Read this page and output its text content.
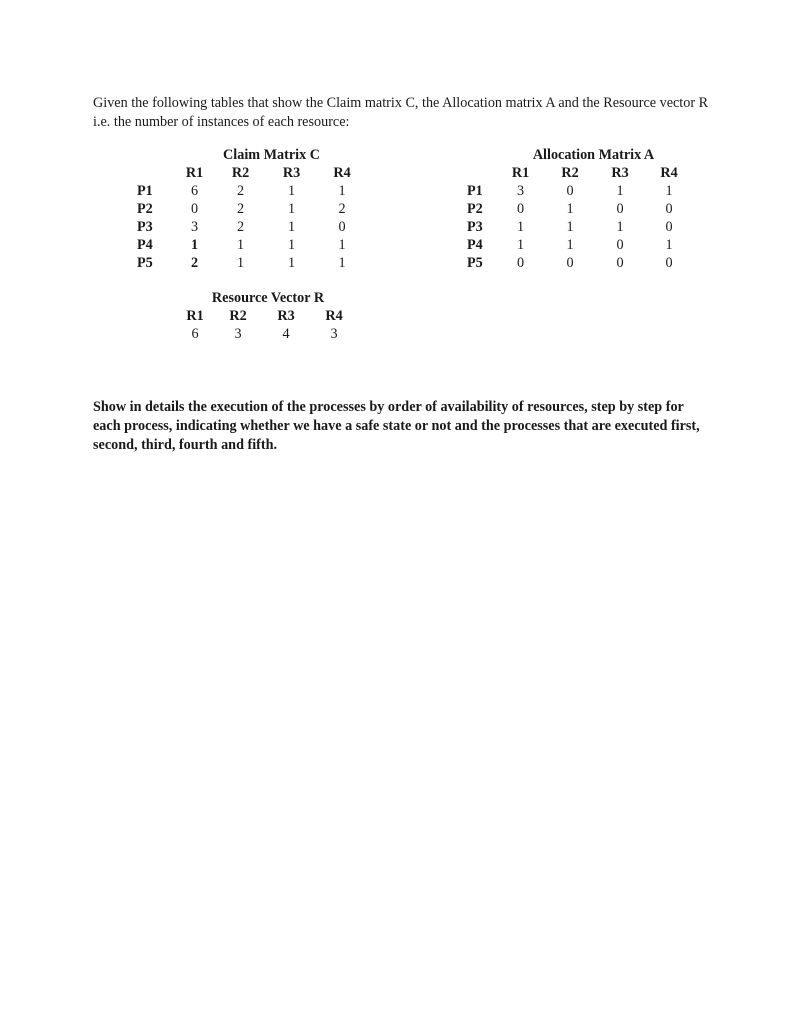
Given the following tables that show the Claim matrix C, the Allocation matrix A and the Resource vector R i.e. the number of instances of each resource:

	Claim Matrix C			
	R1	R2	R3	R4
P1	6	2	1	1
P2	0	2	1	2
P3	3	2	1	0
P4	1	1	1	1
P5	2	1	1	1
	Allocation Matrix A			
	R1	R2	R3	R4
P1	3	0	1	1
P2	0	1	0	0
P3	1	1	1	0
P4	1	1	0	1
P5	0	0	0	0
Resource Vector R			
R1	R2	R3	R4
6	3	4	3

Show in details the execution of the processes by order of availability of resources, step by step for each process, indicating whether we have a safe state or not and the processes that are executed first, second, third, fourth and fifth.
